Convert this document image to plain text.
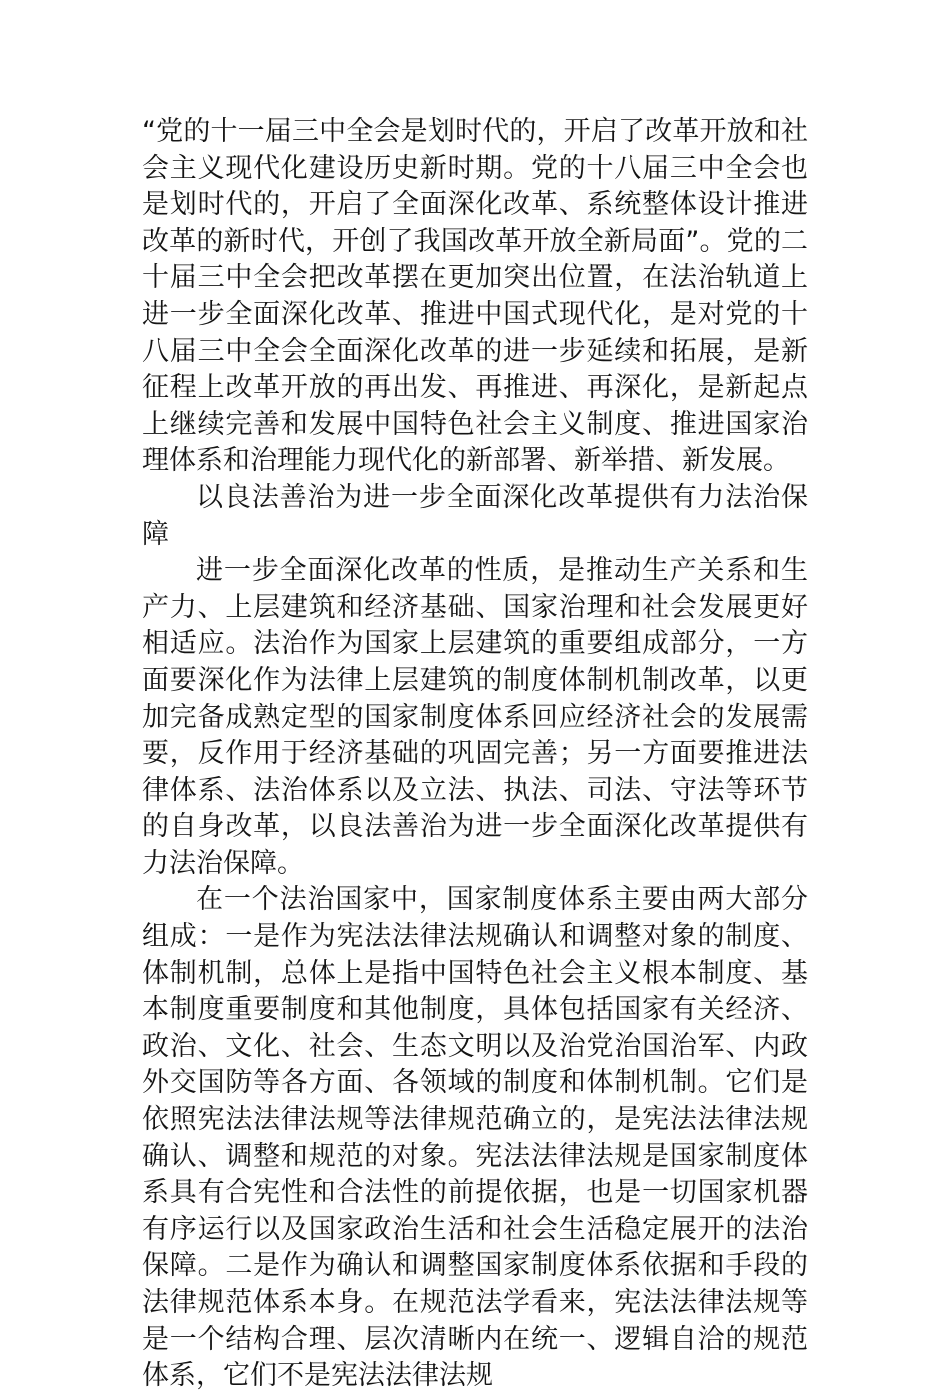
“党的十一届三中全会是划时代的，开启了改革开放和社会主义现代化建设历史新时期。党的十八届三中全会也是划时代的，开启了全面深化改革、系统整体设计推进改革的新时代，开创了我国改革开放全新局面”。党的二十届三中全会把改革摆在更加突出位置，在法治轨道上进一步全面深化改革、推进中国式现代化，是对党的十八届三中全会全面深化改革的进一步延续和拓展，是新征程上改革开放的再出发、再推进、再深化，是新起点上继续完善和发展中国特色社会主义制度、推进国家治理体系和治理能力现代化的新部署、新举措、新发展。

以良法善治为进一步全面深化改革提供有力法治保障

进一步全面深化改革的性质，是推动生产关系和生产力、上层建筑和经济基础、国家治理和社会发展更好相适应。法治作为国家上层建筑的重要组成部分，一方面要深化作为法律上层建筑的制度体制机制改革，以更加完备成熟定型的国家制度体系回应经济社会的发展需要，反作用于经济基础的巩固完善；另一方面要推进法律体系、法治体系以及立法、执法、司法、守法等环节的自身改革，以良法善治为进一步全面深化改革提供有力法治保障。

在一个法治国家中，国家制度体系主要由两大部分组成：一是作为宪法法律法规确认和调整对象的制度、体制机制，总体上是指中国特色社会主义根本制度、基本制度重要制度和其他制度，具体包括国家有关经济、政治、文化、社会、生态文明以及治党治国治军、内政外交国防等各方面、各领域的制度和体制机制。它们是依照宪法法律法规等法律规范确立的，是宪法法律法规确认、调整和规范的对象。宪法法律法规是国家制度体系具有合宪性和合法性的前提依据，也是一切国家机器有序运行以及国家政治生活和社会生活稳定展开的法治保障。二是作为确认和调整国家制度体系依据和手段的法律规范体系本身。在规范法学看来，宪法法律法规等是一个结构合理、层次清晰内在统一、逻辑自洽的规范体系，它们不是宪法法律法规
